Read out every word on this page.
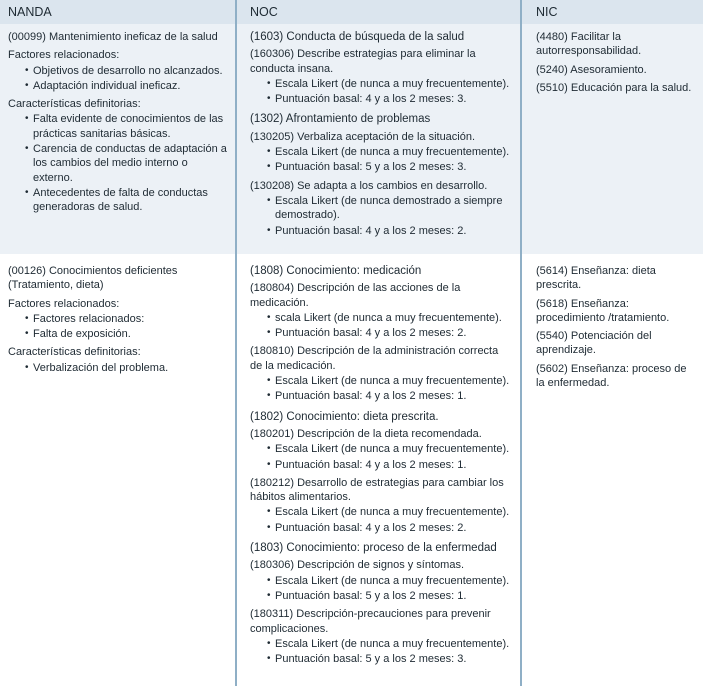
NANDA	NOC	NIC

(00099) Mantenimiento ineficaz de la salud

Factores relacionados:

• Objetivos de desarrollo no alcanzados.
• Adaptación individual ineficaz.

Características definitorias:

• Falta evidente de conocimientos de las prácticas sanitarias básicas.
• Carencia de conductas de adaptación a los cambios del medio interno o externo.
• Antecedentes de falta de conductas generadoras de salud.

(1603) Conducta de búsqueda de la salud

(160306) Describe estrategias para eliminar la conducta insana.

• Escala Likert (de nunca a muy frecuentemente).
• Puntuación basal: 4 y a los 2 meses: 3.

(1302) Afrontamiento de problemas

(130205) Verbaliza aceptación de la situación.

• Escala Likert (de nunca a muy frecuentemente).
• Puntuación basal: 5 y a los 2 meses: 3.

(130208) Se adapta a los cambios en desarrollo.

• Escala Likert (de nunca demostrado a siempre demostrado).
• Puntuación basal: 4 y a los 2 meses: 2.

(4480) Facilitar la autorresponsabilidad.

(5240) Asesoramiento.

(5510) Educación para la salud.

(00126) Conocimientos deficientes (Tratamiento, dieta)

Factores relacionados:

• Factores relacionados:
• Falta de exposición.

Características definitorias:

• Verbalización del problema.

(1808) Conocimiento: medicación

(180804) Descripción de las acciones de la medicación.

• scala Likert (de nunca a muy frecuentemente).
• Puntuación basal: 4 y a los 2 meses: 2.

(180810) Descripción de la administración correcta de la medicación.

• Escala Likert (de nunca a muy frecuentemente).
• Puntuación basal: 4 y a los 2 meses: 1.

(1802) Conocimiento: dieta prescrita.

(180201) Descripción de la dieta recomendada.

• Escala Likert (de nunca a muy frecuentemente).
• Puntuación basal: 4 y a los 2 meses: 1.

(180212) Desarrollo de estrategias para cambiar los hábitos alimentarios.

• Escala Likert (de nunca a muy frecuentemente).
• Puntuación basal: 4 y a los 2 meses: 2.

(1803) Conocimiento: proceso de la enfermedad

(180306) Descripción de signos y síntomas.

• Escala Likert (de nunca a muy frecuentemente).
• Puntuación basal: 5 y a los 2 meses: 1.

(180311) Descripción-precauciones para prevenir complicaciones.

• Escala Likert (de nunca a muy frecuentemente).
• Puntuación basal: 5 y a los 2 meses: 3.

(5614) Enseñanza: dieta prescrita.

(5618) Enseñanza: procedimiento /tratamiento.

(5540) Potenciación del aprendizaje.

(5602) Enseñanza: proceso de la enfermedad.
